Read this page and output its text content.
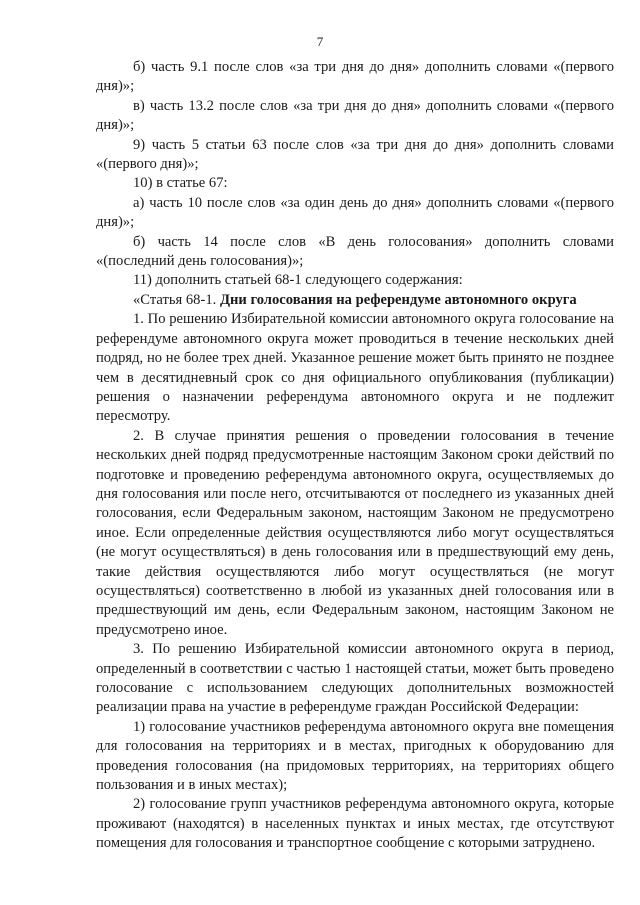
7

б) часть 9.1 после слов «за три дня до дня» дополнить словами «(первого дня)»;

в) часть 13.2 после слов «за три дня до дня» дополнить словами «(первого дня)»;

9) часть 5 статьи 63 после слов «за три дня до дня» дополнить словами «(первого дня)»;

10) в статье 67:

а) часть 10 после слов «за один день до дня» дополнить словами «(первого дня)»;

б) часть 14 после слов «В день голосования» дополнить словами «(последний день голосования)»;

11) дополнить статьей 68-1 следующего содержания:

«Статья 68-1. Дни голосования на референдуме автономного округа

1. По решению Избирательной комиссии автономного округа голосование на референдуме автономного округа может проводиться в течение нескольких дней подряд, но не более трех дней. Указанное решение может быть принято не позднее чем в десятидневный срок со дня официального опубликования (публикации) решения о назначении референдума автономного округа и не подлежит пересмотру.

2. В случае принятия решения о проведении голосования в течение нескольких дней подряд предусмотренные настоящим Законом сроки действий по подготовке и проведению референдума автономного округа, осуществляемых до дня голосования или после него, отсчитываются от последнего из указанных дней голосования, если Федеральным законом, настоящим Законом не предусмотрено иное. Если определенные действия осуществляются либо могут осуществляться (не могут осуществляться) в день голосования или в предшествующий ему день, такие действия осуществляются либо могут осуществляться (не могут осуществляться) соответственно в любой из указанных дней голосования или в предшествующий им день, если Федеральным законом, настоящим Законом не предусмотрено иное.

3. По решению Избирательной комиссии автономного округа в период, определенный в соответствии с частью 1 настоящей статьи, может быть проведено голосование с использованием следующих дополнительных возможностей реализации права на участие в референдуме граждан Российской Федерации:

1) голосование участников референдума автономного округа вне помещения для голосования на территориях и в местах, пригодных к оборудованию для проведения голосования (на придомовых территориях, на территориях общего пользования и в иных местах);

2) голосование групп участников референдума автономного округа, которые проживают (находятся) в населенных пунктах и иных местах, где отсутствуют помещения для голосования и транспортное сообщение с которыми затруднено.
